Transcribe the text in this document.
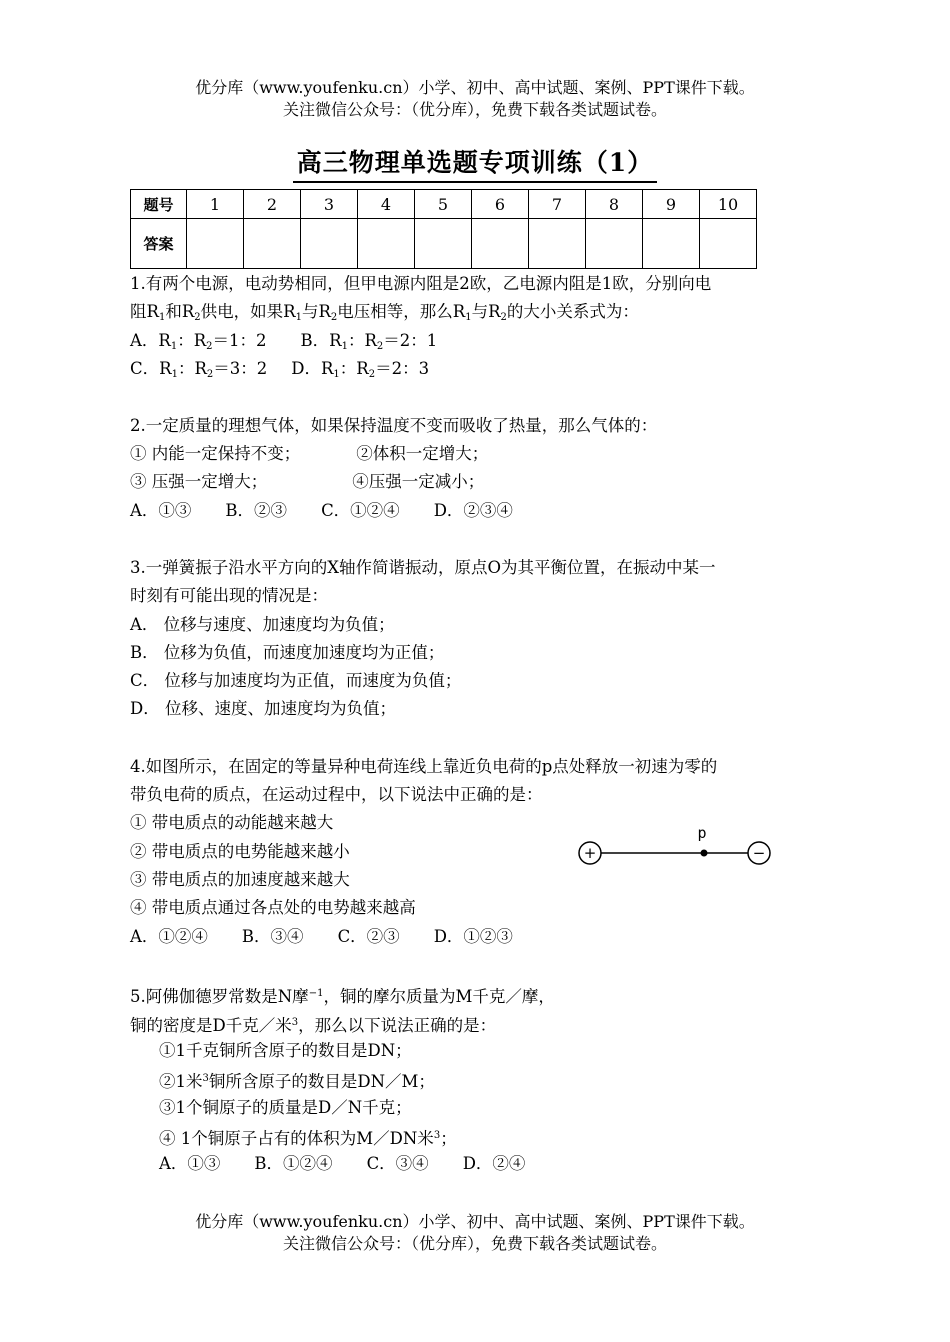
优分库（www.youfenku.cn）小学、初中、高中试题、案例、PPT课件下载。
关注微信公众号：（优分库），免费下载各类试题试卷。
高三物理单选题专项训练（1）
题号	1	2	3	4	5	6	7	8	9	10
答案										
1.有两个电源，电动势相同，但甲电源内阻是2欧，乙电源内阻是1欧，分别向电
阻$R_1$和$R_2$供电，如果$R_1$与$R_2$电压相等，那么$R_1$与$R_2$的大小关系式为：
A．$R_1$：$R_2=1$：2 B．$R_1$：$R_2=2$：1
C．$R_1$：$R_2=3$：2 D．$R_1$：$R_2=2$：3
2.一定质量的理想气体，如果保持温度不变而吸收了热量，那么气体的：
① 内能一定保持不变；	②体积一定增大；
③ 压强一定增大；	④压强一定减小；
A．①③ B．②③ C．①②④ D．②③④
3.一弹簧振子沿水平方向的X轴作简谐振动，原点O为其平衡位置，在振动中某一
时刻有可能出现的情况是：
A． 位移与速度、加速度均为负值；
B． 位移为负值，而速度加速度均为正值；
C． 位移与加速度均为正值，而速度为负值；
D． 位移、速度、加速度均为负值；
4.如图所示，在固定的等量异种电荷连线上靠近负电荷的p点处释放一初速为零的
带负电荷的质点，在运动过程中，以下说法中正确的是：
① 带电质点的动能越来越大
② 带电质点的电势能越来越小
③ 带电质点的加速度越来越大
④ 带电质点通过各点处的电势越来越高
A．①②④ B．③④ C．②③ D．①②③
+
p
−
5.阿佛伽德罗常数是N摩$^{-1}$，铜的摩尔质量为M千克／摩，
铜的密度是D千克／米$^3$，那么以下说法正确的是：
①1千克铜所含原子的数目是DN；
②1米$^3$铜所含原子的数目是DN／M；
③1个铜原子的质量是D／N千克；
④ 1个铜原子占有的体积为M／DN米$^3$；
A．①③ B．①②④ C．③④ D．②④
优分库（www.youfenku.cn）小学、初中、高中试题、案例、PPT课件下载。
关注微信公众号：（优分库），免费下载各类试题试卷。
